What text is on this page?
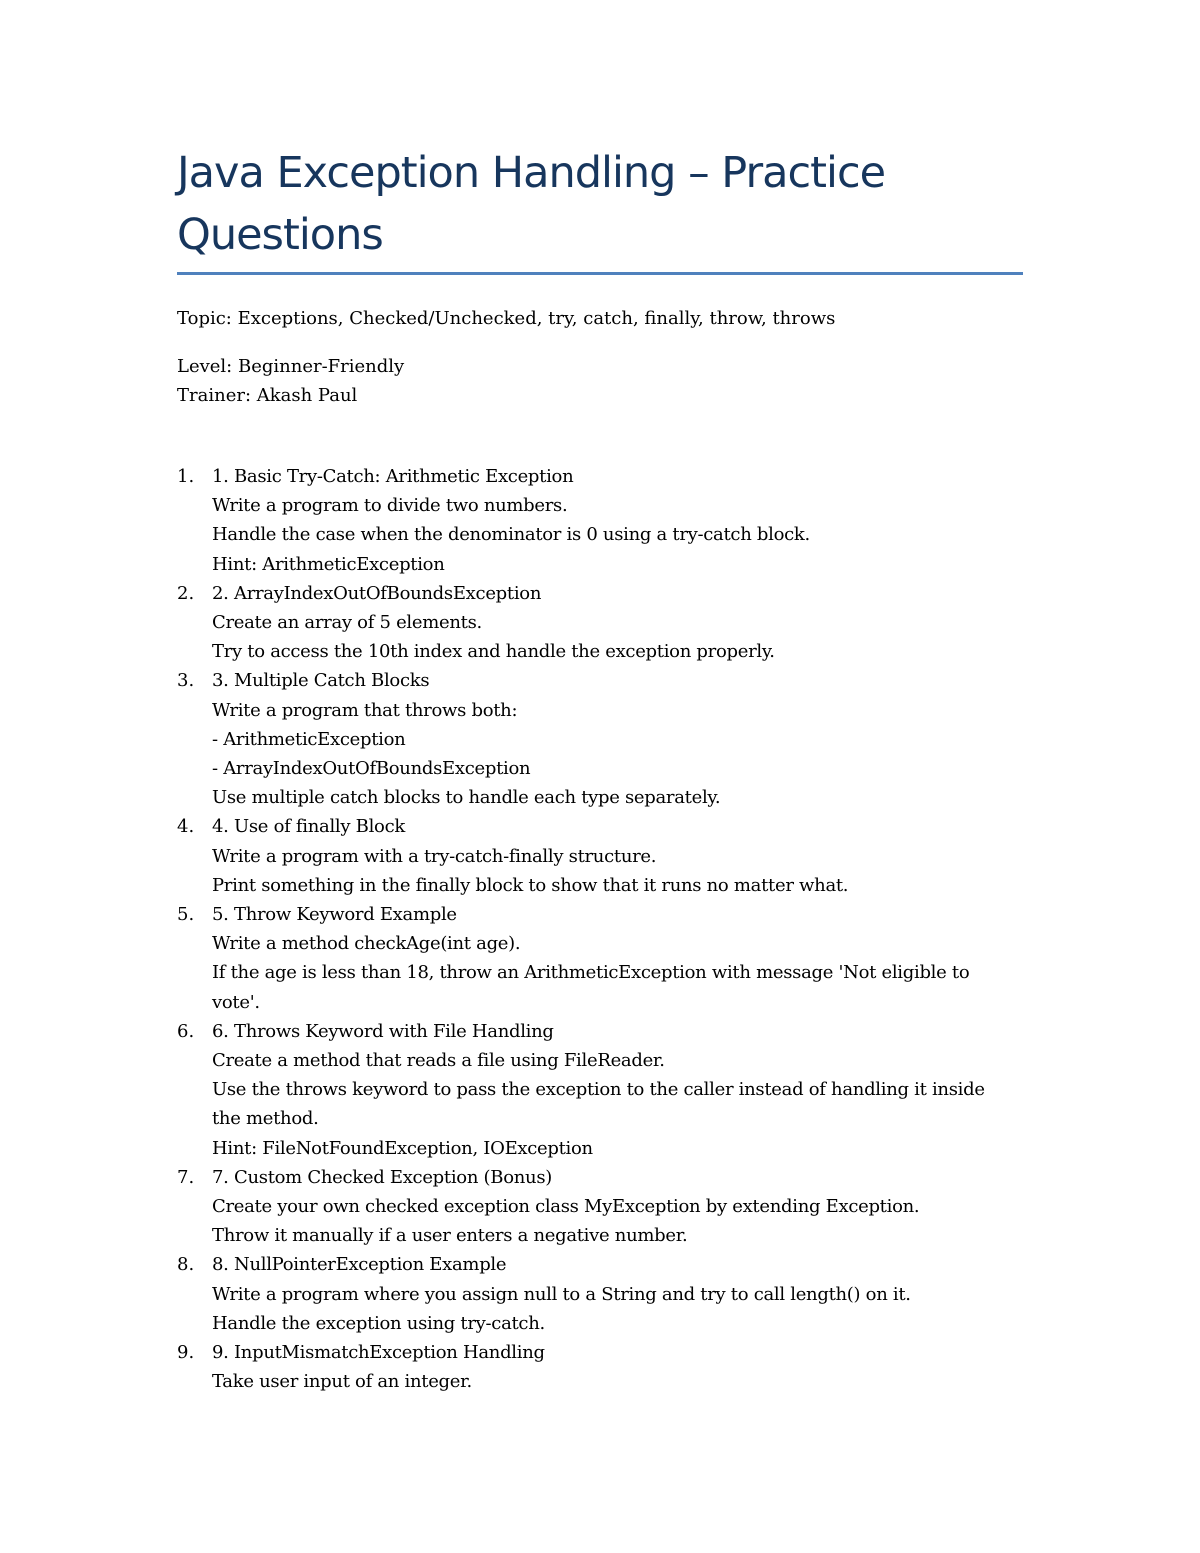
Java Exception Handling – Practice Questions
Topic: Exceptions, Checked/Unchecked, try, catch, finally, throw, throws
Level: Beginner-Friendly
Trainer: Akash Paul
1. 1. Basic Try-Catch: Arithmetic Exception
Write a program to divide two numbers.
Handle the case when the denominator is 0 using a try-catch block.
Hint: ArithmeticException
2. 2. ArrayIndexOutOfBoundsException
Create an array of 5 elements.
Try to access the 10th index and handle the exception properly.
3. 3. Multiple Catch Blocks
Write a program that throws both:
- ArithmeticException
- ArrayIndexOutOfBoundsException
Use multiple catch blocks to handle each type separately.
4. 4. Use of finally Block
Write a program with a try-catch-finally structure.
Print something in the finally block to show that it runs no matter what.
5. 5. Throw Keyword Example
Write a method checkAge(int age).
If the age is less than 18, throw an ArithmeticException with message 'Not eligible to
vote'.
6. 6. Throws Keyword with File Handling
Create a method that reads a file using FileReader.
Use the throws keyword to pass the exception to the caller instead of handling it inside
the method.
Hint: FileNotFoundException, IOException
7. 7. Custom Checked Exception (Bonus)
Create your own checked exception class MyException by extending Exception.
Throw it manually if a user enters a negative number.
8. 8. NullPointerException Example
Write a program where you assign null to a String and try to call length() on it.
Handle the exception using try-catch.
9. 9. InputMismatchException Handling
Take user input of an integer.
